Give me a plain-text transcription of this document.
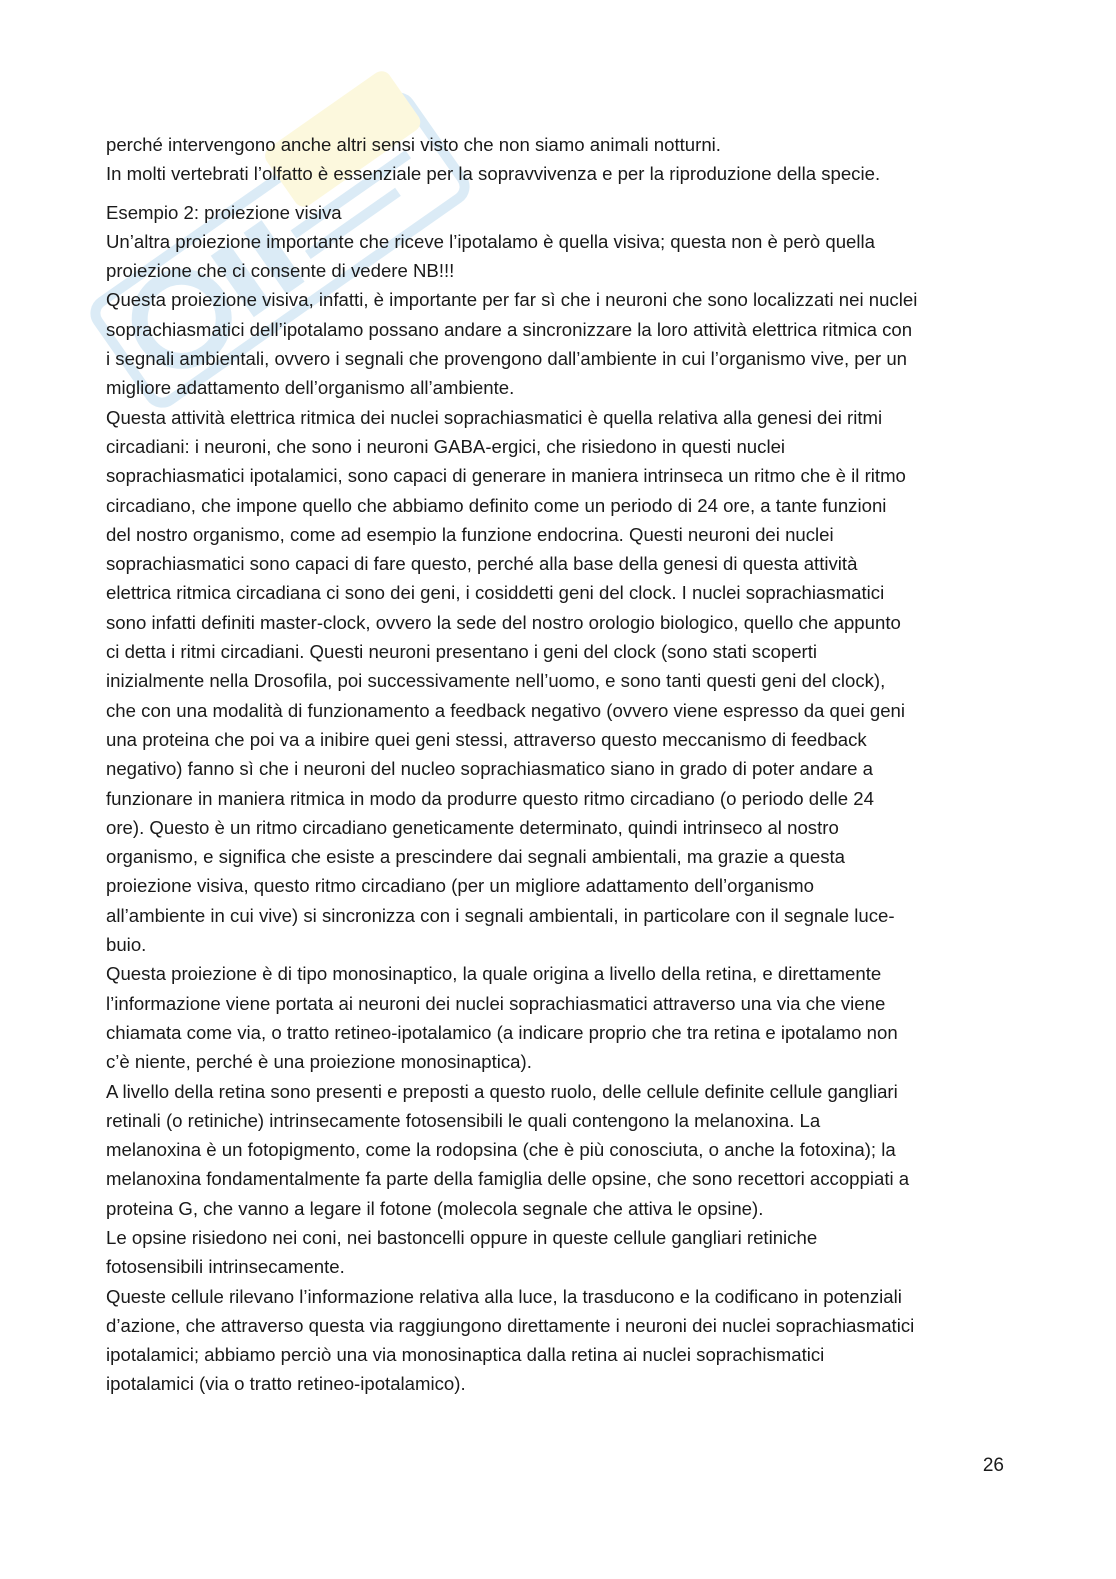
perché intervengono anche altri sensi visto che non siamo animali notturni.

In molti vertebrati l’olfatto è essenziale per la sopravvivenza e per la riproduzione della specie.

Esempio 2: proiezione visiva

Un’altra proiezione importante che riceve l’ipotalamo è quella visiva; questa non è però quella

proiezione che ci consente di vedere NB!!!

Questa proiezione visiva, infatti, è importante per far sì che i neuroni che sono localizzati nei nuclei

soprachiasmatici dell’ipotalamo possano andare a sincronizzare la loro attività elettrica ritmica con

i segnali ambientali, ovvero i segnali che provengono dall’ambiente in cui l’organismo vive, per un

migliore adattamento dell’organismo all’ambiente.

Questa attività elettrica ritmica dei nuclei soprachiasmatici è quella relativa alla genesi dei ritmi

circadiani: i neuroni, che sono i neuroni GABA-ergici, che risiedono in questi nuclei

soprachiasmatici ipotalamici, sono capaci di generare in maniera intrinseca un ritmo che è il ritmo

circadiano, che impone quello che abbiamo definito come un periodo di 24 ore, a tante funzioni

del nostro organismo, come ad esempio la funzione endocrina. Questi neuroni dei nuclei

soprachiasmatici sono capaci di fare questo, perché alla base della genesi di questa attività

elettrica ritmica circadiana ci sono dei geni, i cosiddetti geni del clock. I nuclei soprachiasmatici

sono infatti definiti master-clock, ovvero la sede del nostro orologio biologico, quello che appunto

ci detta i ritmi circadiani. Questi neuroni presentano i geni del clock (sono stati scoperti

inizialmente nella Drosofila, poi successivamente nell’uomo, e sono tanti questi geni del clock),

che con una modalità di funzionamento a feedback negativo (ovvero viene espresso da quei geni

una proteina che poi va a inibire quei geni stessi, attraverso questo meccanismo di feedback

negativo) fanno sì che i neuroni del nucleo soprachiasmatico siano in grado di poter andare a

funzionare in maniera ritmica in modo da produrre questo ritmo circadiano (o periodo delle 24

ore). Questo è un ritmo circadiano geneticamente determinato, quindi intrinseco al nostro

organismo, e significa che esiste a prescindere dai segnali ambientali, ma grazie a questa

proiezione visiva, questo ritmo circadiano (per un migliore adattamento dell’organismo

all’ambiente in cui vive) si sincronizza con i segnali ambientali, in particolare con il segnale luce-

buio.

Questa proiezione è di tipo monosinaptico, la quale origina a livello della retina, e direttamente

l’informazione viene portata ai neuroni dei nuclei soprachiasmatici attraverso una via che viene

chiamata come via, o tratto retineo-ipotalamico (a indicare proprio che tra retina e ipotalamo non

c’è niente, perché è una proiezione monosinaptica).

A livello della retina sono presenti e preposti a questo ruolo, delle cellule definite cellule gangliari

retinali (o retiniche) intrinsecamente fotosensibili le quali contengono la melanoxina. La

melanoxina è un fotopigmento, come la rodopsina (che è più conosciuta, o anche la fotoxina); la

melanoxina fondamentalmente fa parte della famiglia delle opsine, che sono recettori accoppiati a

proteina G, che vanno a legare il fotone (molecola segnale che attiva le opsine).

Le opsine risiedono nei coni, nei bastoncelli oppure in queste cellule gangliari retiniche

fotosensibili intrinsecamente.

Queste cellule rilevano l’informazione relativa alla luce, la trasducono e la codificano in potenziali

d’azione, che attraverso questa via raggiungono direttamente i neuroni dei nuclei soprachiasmatici

ipotalamici; abbiamo perciò una via monosinaptica dalla retina ai nuclei soprachismatici

ipotalamici (via o tratto retineo-ipotalamico).

26
